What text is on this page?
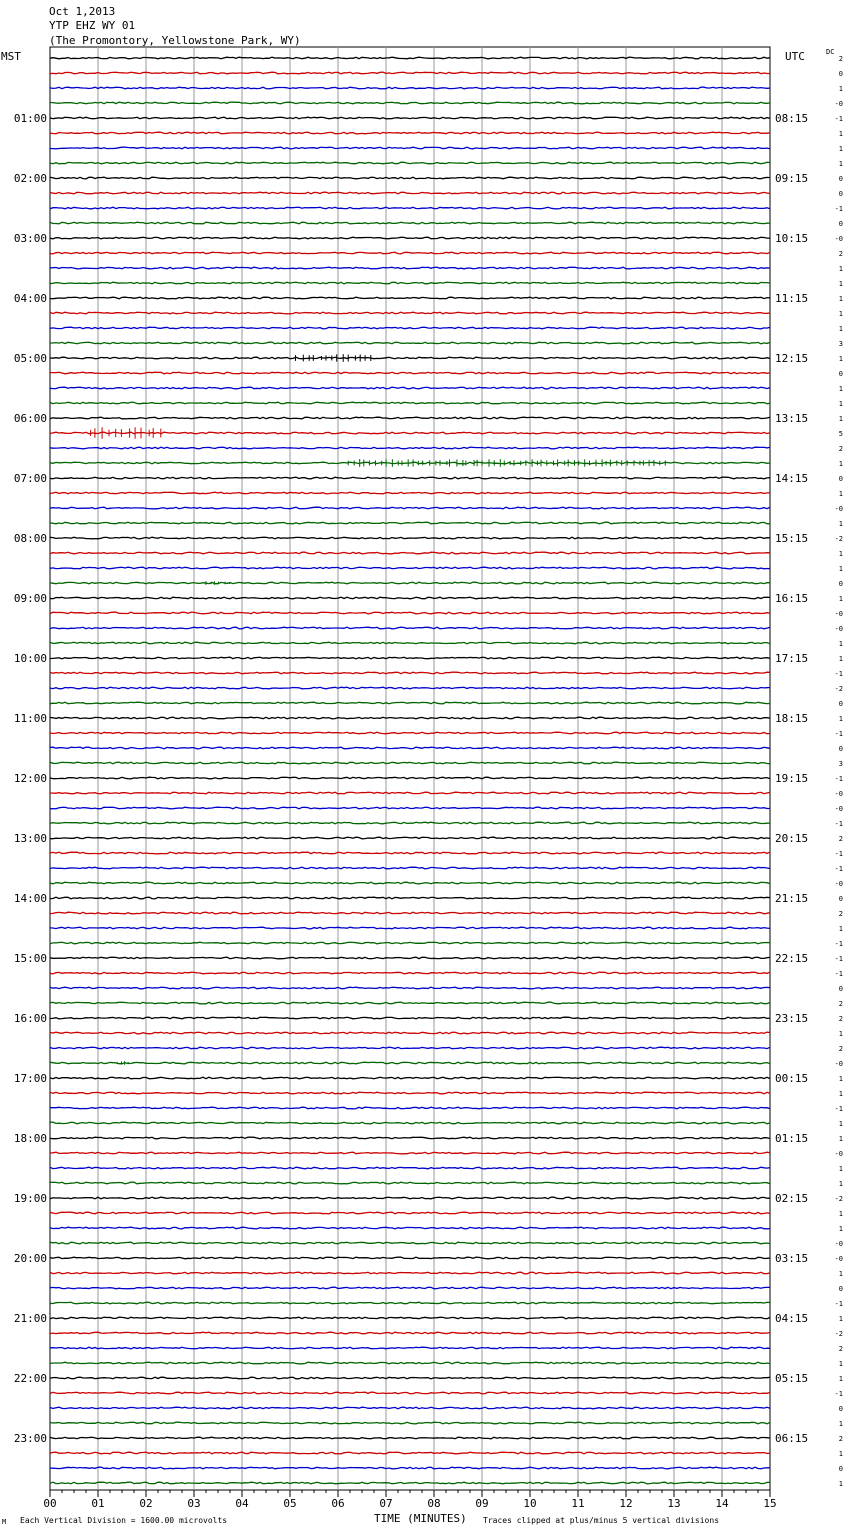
Oct 1,2013
YTP EHZ WY 01
(The Promontory, Yellowstone Park, WY)
MST	UTC	DC
00	01	02	03	04	05	06	07	08	09	10	11	12	13	14	15
2
0
1
-0
-1
01:00	08:15
1
1
1
0
02:00	09:15
0
-1
0
-0
03:00	10:15
2
1
1
1
04:00	11:15
1
1
3
1
05:00	12:15
0
1
1
1
06:00	13:15
5
2
1
0
07:00	14:15
1
-0
1
-2
08:00	15:15
1
1
0
1
09:00	16:15
-0
-0
1
1
10:00	17:15
-1
-2
0
1
11:00	18:15
-1
0
3
-1
12:00	19:15
-0
-0
-1
2
13:00	20:15
-1
-1
-0
0
14:00	21:15
2
1
-1
-1
15:00	22:15
-1
0
2
2
16:00	23:15
1
2
-0
1
17:00	00:15
1
-1
1
1
18:00	01:15
-0
1
1
-2
19:00	02:15
1
1
-0
-0
20:00	03:15
1
0
-1
1
21:00	04:15
-2
2
1
1
22:00	05:15
-1
0
1
2
23:00	06:15
1
0
1
M Each Vertical Division = 1600.00 microvolts	TIME (MINUTES) Traces clipped at plus/minus 5 vertical divisions
